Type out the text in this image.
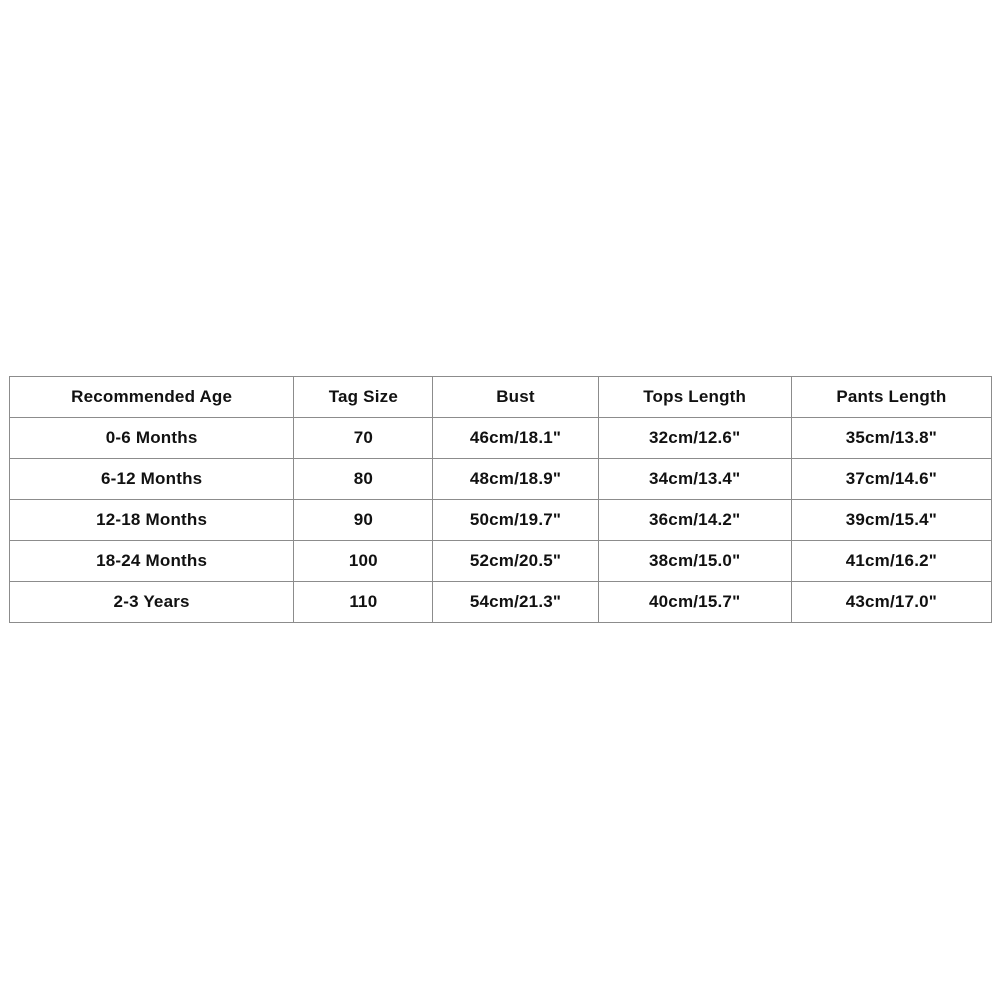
Recommended Age	Tag Size	Bust	Tops Length	Pants Length
0-6 Months	70	46cm/18.1"	32cm/12.6"	35cm/13.8"
6-12 Months	80	48cm/18.9"	34cm/13.4"	37cm/14.6"
12-18 Months	90	50cm/19.7"	36cm/14.2"	39cm/15.4"
18-24 Months	100	52cm/20.5"	38cm/15.0"	41cm/16.2"
2-3 Years	110	54cm/21.3"	40cm/15.7"	43cm/17.0"
